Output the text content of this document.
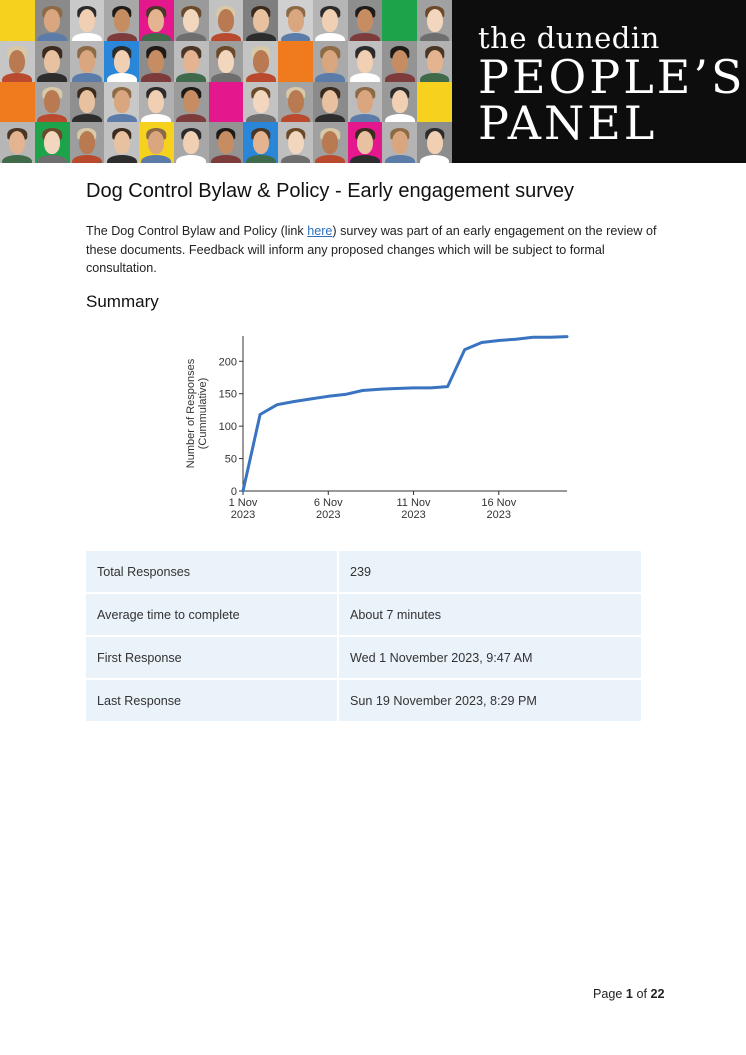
the dunedin
PEOPLE’S
PANEL
Dog Control Bylaw & Policy - Early engagement survey

The Dog Control Bylaw and Policy (link here) survey was part of an early engagement on the review of these documents. Feedback will inform any proposed changes which will be subject to formal consultation.

Summary
0
50
100
150
200
1 Nov
2023
6 Nov
2023
11 Nov
2023
16 Nov
2023
Number of Responses (Cummulative)
Total Responses	239
Average time to complete	About 7 minutes
First Response	Wed 1 November 2023, 9:47 AM
Last Response	Sun 19 November 2023, 8:29 PM
Page 1 of 22
